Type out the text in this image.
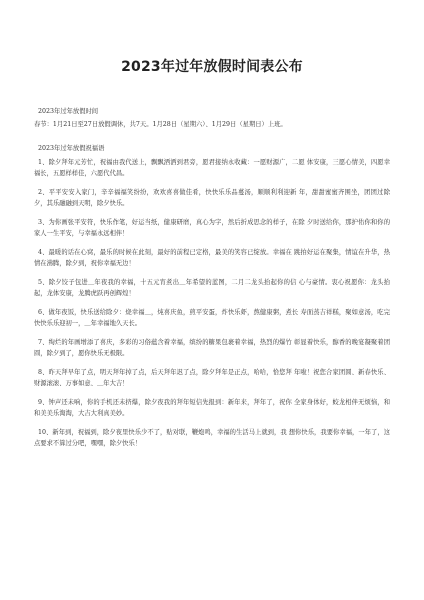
2023年过年放假时间表公布
2023年过年放假时间
春节：1月21日至27日放假调休，共7天。1月28日（星期六）、1月29日（星期日）上班。
2023年过年放假祝福语

1、除夕拜年元芳忙，祝福由我代送上，飘飘洒洒到君旁，愿君接纳永收藏：一愿财源广，二愿 体安康，三愿心情美，四愿幸福长，五愿样样佳，六愿代代昌。

2、平平安安入家门，辛辛福福笑纷纷，欢欢喜喜做佳肴，快快乐乐品蔓汤，顺顺利利迎新 年，甜甜蜜蜜齐围坐，团团过除夕，其乐融融到天明，除夕快乐。

3、为你画张平安符，快乐作笔，好运当纸，健康研磨，真心为字，然后折成思念的样子，在除 夕时送给你，那护佑你和你的家人一生平安，与幸福永远相伴！

4、最暖的话在心窝，最乐的时候在此刻，最好的前程已定格，最美的笑容已绽放。幸福在 跳拍好运在聚集，情谊在升华，热情在沸腾，除夕到，祝你幸福无边！

5、除夕饺子包进＿年夜我的幸福，十五元宵煮出＿年希望的蓝图，二月二龙头抬起你的信 心与豪情。衷心祝愿你：龙头抬起，龙体安康，龙腾虎跃再创辉煌！

6、做年夜饭，快乐送给除夕：烧幸福＿，炖喜庆鱼，煎平安蛋，炸快乐虾，熬健康粥，煮长 寿面蒸吉祥糕，聚如意汤，吃完快快乐乐迎初一，＿年幸福地久天长。

7、绚烂的年画增添了喜庆，多彩的习俗蕴含着幸福，缤纷的糖果包裹着幸福，热烈的爆竹 彰显着快乐，醇香的晚宴凝聚着团圆，除夕到了，愿你快乐无极限。

8、昨天拜早年了点，明天拜年掉了点，后天拜年迟了点，除夕拜年是正点，哈哈，恰您拜 年啦！祝您合家团圆、新春快乐、财源滚滚、万事如意、＿年大吉！

9、钟声还未响，你的手机还未挤爆，除夕夜我的拜年短信先报到：新年来，拜年了，祝你 全家身体好，蛟龙相伴无烦恼，和和美美乐淘淘，大吉大利真美妙。

10、新年到，祝福到，除夕夜里快乐少不了，贴对联，鞭炮鸣，幸福的生活马上就到，我 想你快乐，我要你幸福，一年了，这点要求不算过分吧，嘿嘿，除夕快乐！
